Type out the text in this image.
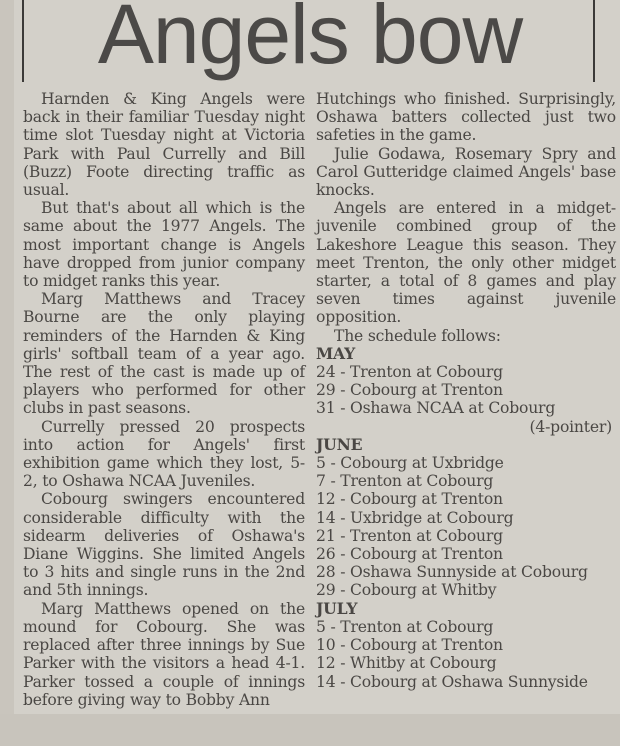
Angels bow

Harnden & King Angels were back in their familiar Tuesday night time slot Tuesday night at Victoria Park with Paul Currelly and Bill (Buzz) Foote directing traffic as usual.

But that's about all which is the same about the 1977 Angels. The most important change is Angels have dropped from junior company to midget ranks this year.

Marg Matthews and Tracey Bourne are the only playing reminders of the Harnden & King girls' softball team of a year ago. The rest of the cast is made up of players who performed for other clubs in past seasons.

Currelly pressed 20 prospects into action for Angels' first exhibition game which they lost, 5-2, to Oshawa NCAA Juveniles.

Cobourg swingers encountered considerable difficulty with the sidearm deliveries of Oshawa's Diane Wiggins. She limited Angels to 3 hits and single runs in the 2nd and 5th innings.

Marg Matthews opened on the mound for Cobourg. She was replaced after three innings by Sue Parker with the visitors a head 4-1. Parker tossed a couple of innings before giving way to Bobby Ann

Hutchings who finished. Surprisingly, Oshawa batters collected just two safeties in the game.

Julie Godawa, Rosemary Spry and Carol Gutteridge claimed Angels' base knocks.

Angels are entered in a midget-juvenile combined group of the Lakeshore League this season. They meet Trenton, the only other midget starter, a total of 8 games and play seven times against juvenile opposition.

The schedule follows:
MAY
24 - Trenton at Cobourg
29 - Cobourg at Trenton
31 - Oshawa NCAA at Cobourg
(4-pointer)
JUNE
5 - Cobourg at Uxbridge
7 - Trenton at Cobourg
12 - Cobourg at Trenton
14 - Uxbridge at Cobourg
21 - Trenton at Cobourg
26 - Cobourg at Trenton
28 - Oshawa Sunnyside at Cobourg
29 - Cobourg at Whitby
JULY
5 - Trenton at Cobourg
10 - Cobourg at Trenton
12 - Whitby at Cobourg
14 - Cobourg at Oshawa Sunnyside
